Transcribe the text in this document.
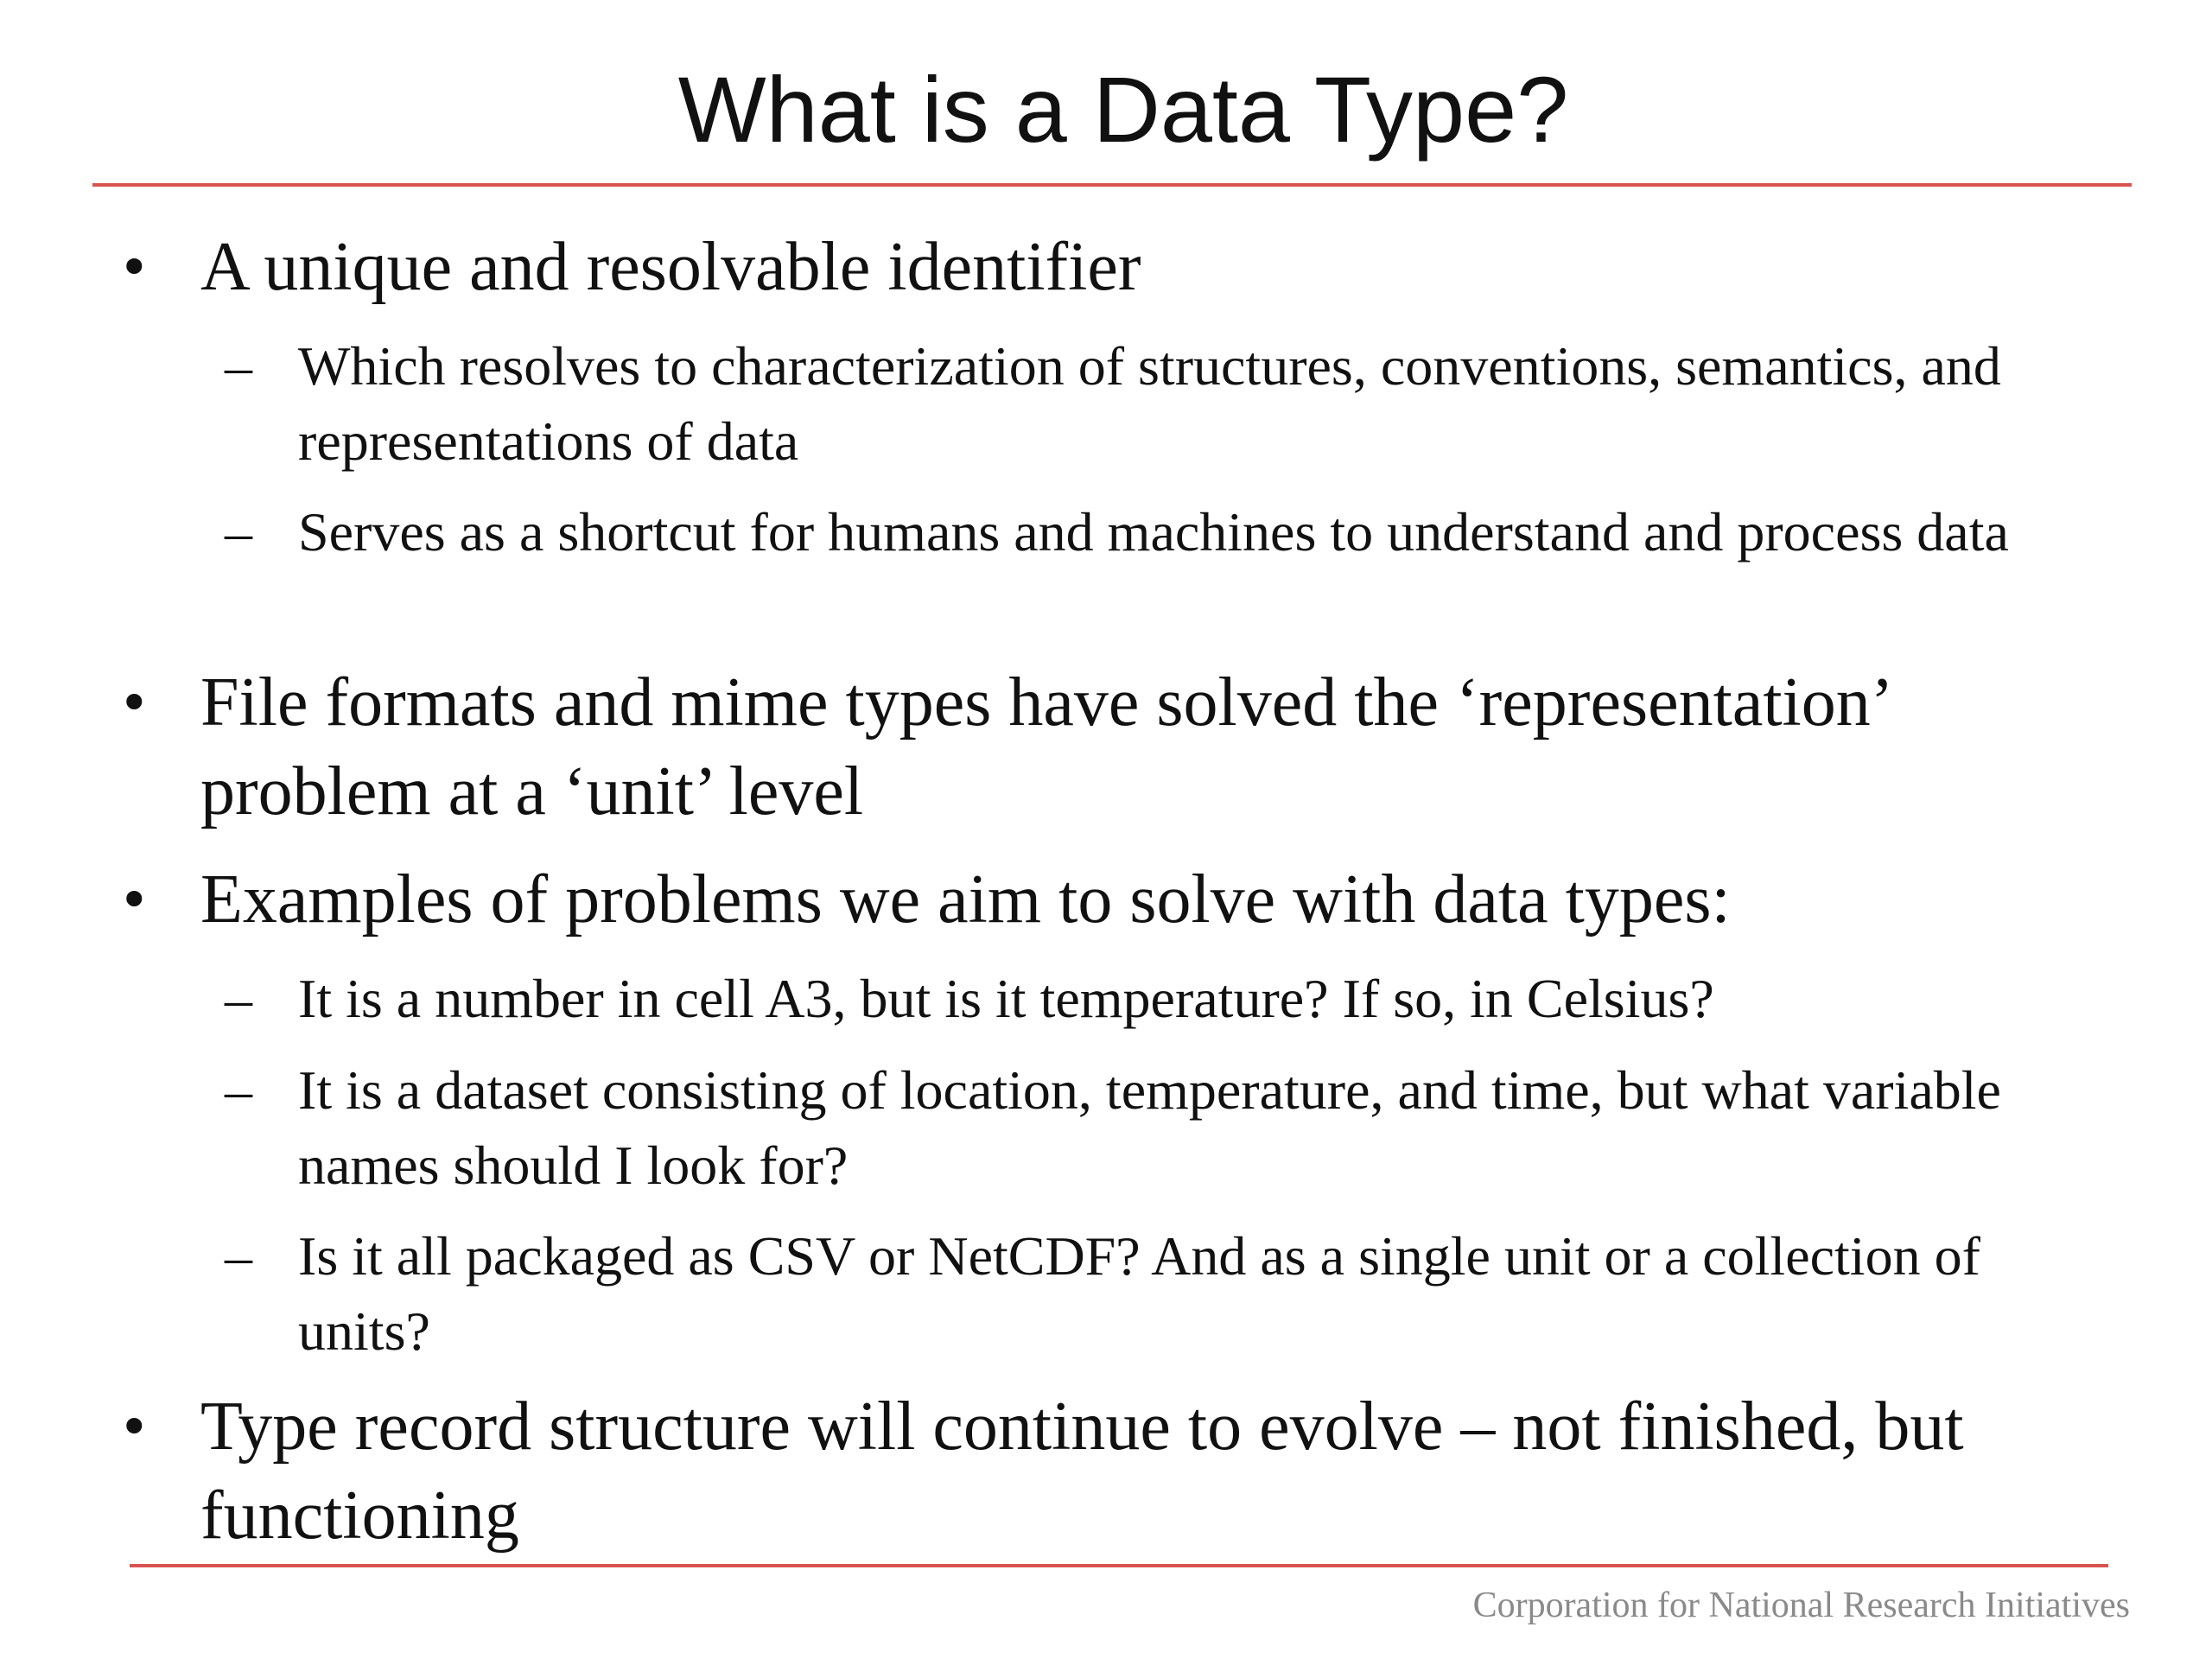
What is a Data Type?
• A unique and resolvable identifier
– Which resolves to characterization of structures, conventions, semantics, and representations of data
– Serves as a shortcut for humans and machines to understand and process data
• File formats and mime types have solved the ‘representation’ problem at a ‘unit’ level
• Examples of problems we aim to solve with data types:
– It is a number in cell A3, but is it temperature? If so, in Celsius?
– It is a dataset consisting of location, temperature, and time, but what variable names should I look for?
– Is it all packaged as CSV or NetCDF? And as a single unit or a collection of units?
• Type record structure will continue to evolve – not finished, but functioning
Corporation for National Research Initiatives
